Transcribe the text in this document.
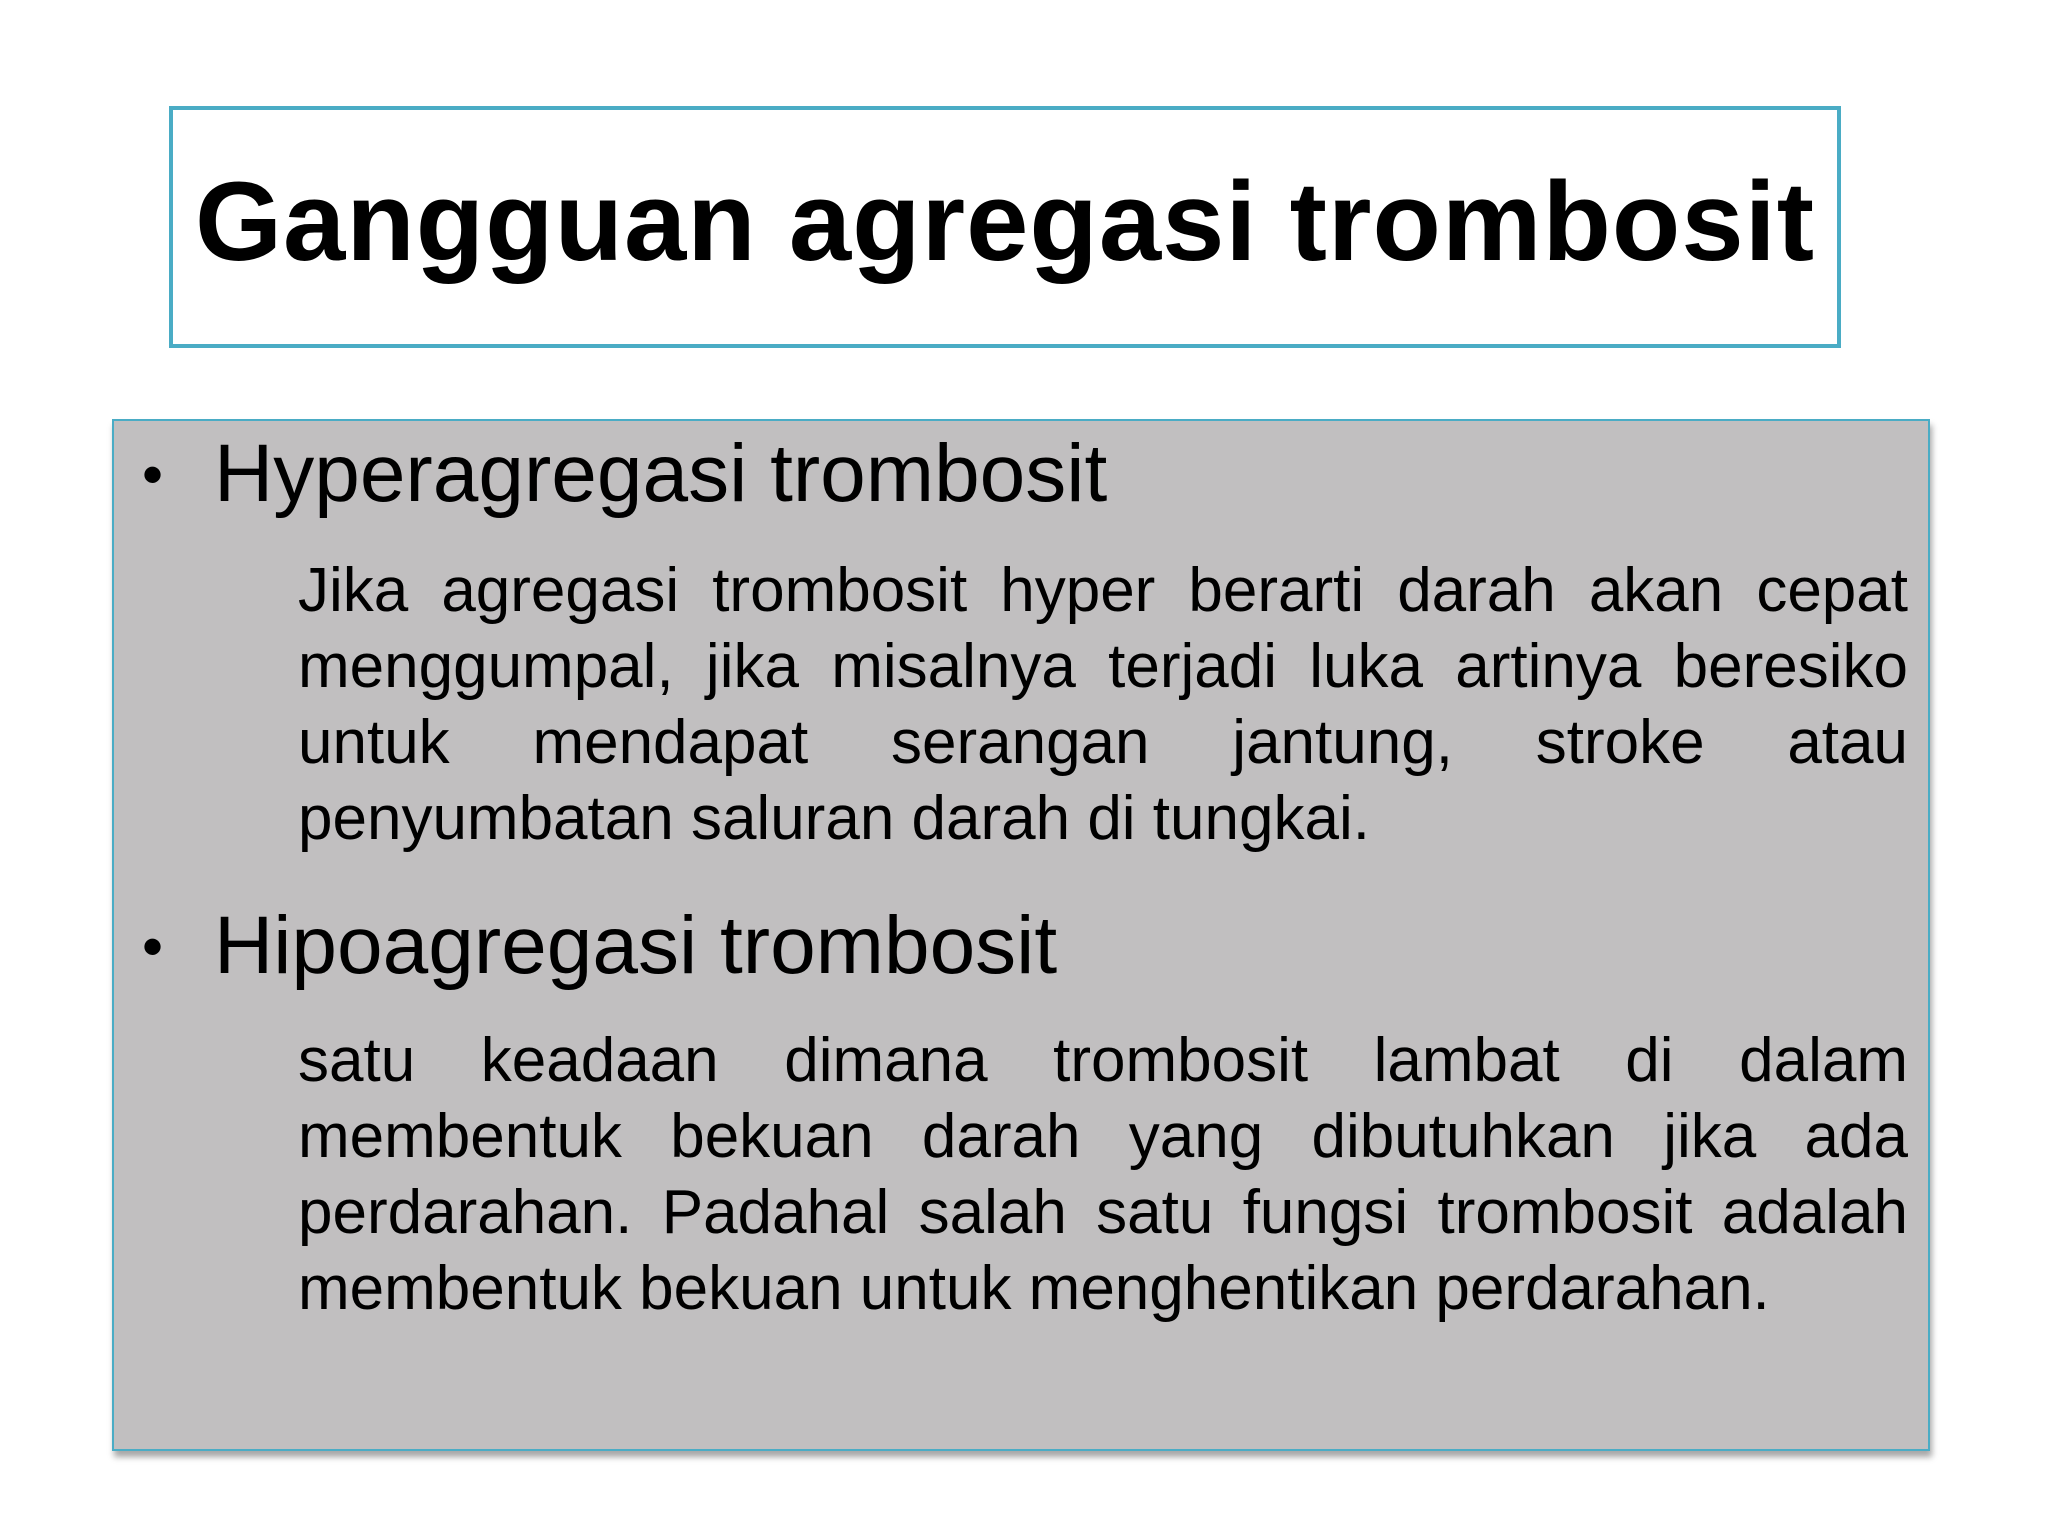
Gangguan agregasi trombosit
• Hyperagregasi trombosit

Jika agregasi trombosit hyper berarti darah akan cepat menggumpal, jika misalnya terjadi luka artinya beresiko untuk mendapat serangan jantung, stroke atau penyumbatan saluran darah di tungkai.

• Hipoagregasi trombosit

satu keadaan dimana trombosit lambat di dalam membentuk bekuan darah yang dibutuhkan jika ada perdarahan. Padahal salah satu fungsi trombosit adalah membentuk bekuan untuk menghentikan perdarahan.
